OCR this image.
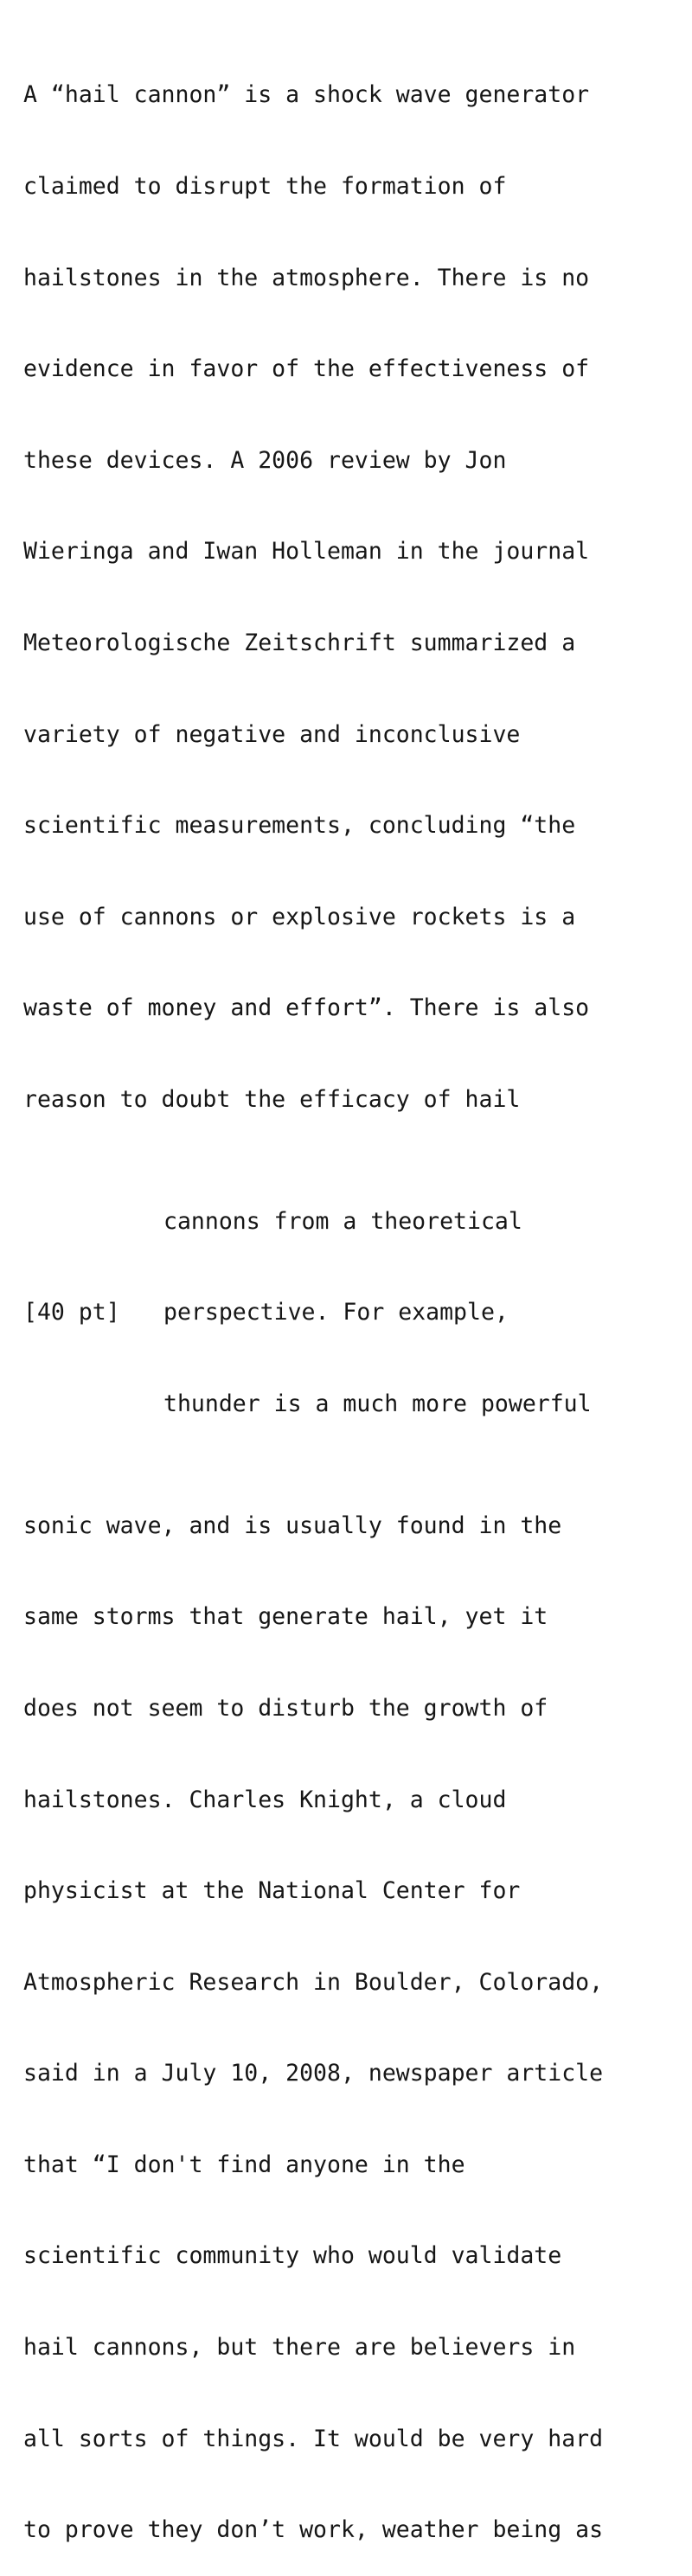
A “hail cannon” is a shock wave generator

claimed to disrupt the formation of

hailstones in the atmosphere. There is no

evidence in favor of the effectiveness of

these devices. A 2006 review by Jon

Wieringa and Iwan Holleman in the journal

Meteorologische Zeitschrift summarized a

variety of negative and inconclusive

scientific measurements, concluding “the

use of cannons or explosive rockets is a

waste of money and effort”. There is also

reason to doubt the efficacy of hail

cannons from a theoretical

[40 pt]

perspective. For example,

thunder is a much more powerful

sonic wave, and is usually found in the

same storms that generate hail, yet it

does not seem to disturb the growth of

hailstones. Charles Knight, a cloud

physicist at the National Center for

Atmospheric Research in Boulder, Colorado,

said in a July 10, 2008, newspaper article

that “I don't find anyone in the

scientific community who would validate

hail cannons, but there are believers in

all sorts of things. It would be very hard

to prove they don’t work, weather being as
